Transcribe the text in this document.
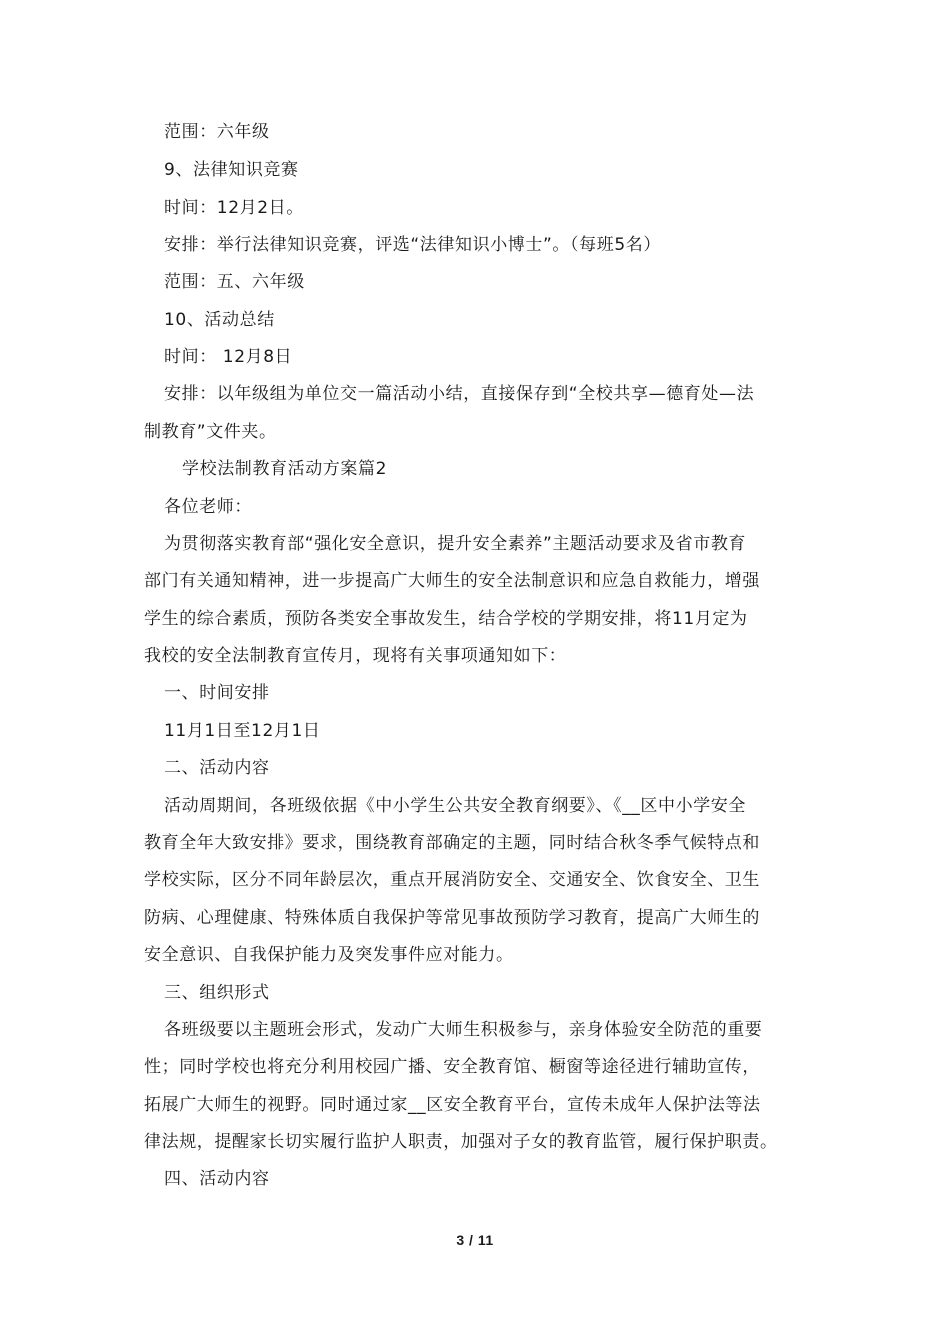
范围：六年级
9、法律知识竞赛
时间：12月2日。
安排：举行法律知识竞赛，评选“法律知识小博士”。（每班5名）
范围：五、六年级
10、活动总结
时间： 12月8日
安排：以年级组为单位交一篇活动小结，直接保存到“全校共享—德育处—法
制教育”文件夹。
学校法制教育活动方案篇2
各位老师：
为贯彻落实教育部“强化安全意识，提升安全素养”主题活动要求及省市教育
部门有关通知精神，进一步提高广大师生的安全法制意识和应急自救能力，增强
学生的综合素质，预防各类安全事故发生，结合学校的学期安排，将11月定为
我校的安全法制教育宣传月，现将有关事项通知如下：
一、时间安排
11月1日至12月1日
二、活动内容
活动周期间，各班级依据《中小学生公共安全教育纲要》、《__区中小学安全
教育全年大致安排》要求，围绕教育部确定的主题，同时结合秋冬季气候特点和
学校实际，区分不同年龄层次，重点开展消防安全、交通安全、饮食安全、卫生
防病、心理健康、特殊体质自我保护等常见事故预防学习教育，提高广大师生的
安全意识、自我保护能力及突发事件应对能力。
三、组织形式
各班级要以主题班会形式，发动广大师生积极参与，亲身体验安全防范的重要
性；同时学校也将充分利用校园广播、安全教育馆、橱窗等途径进行辅助宣传，
拓展广大师生的视野。同时通过家__区安全教育平台，宣传未成年人保护法等法
律法规，提醒家长切实履行监护人职责，加强对子女的教育监管，履行保护职责。
四、活动内容
3 / 11
